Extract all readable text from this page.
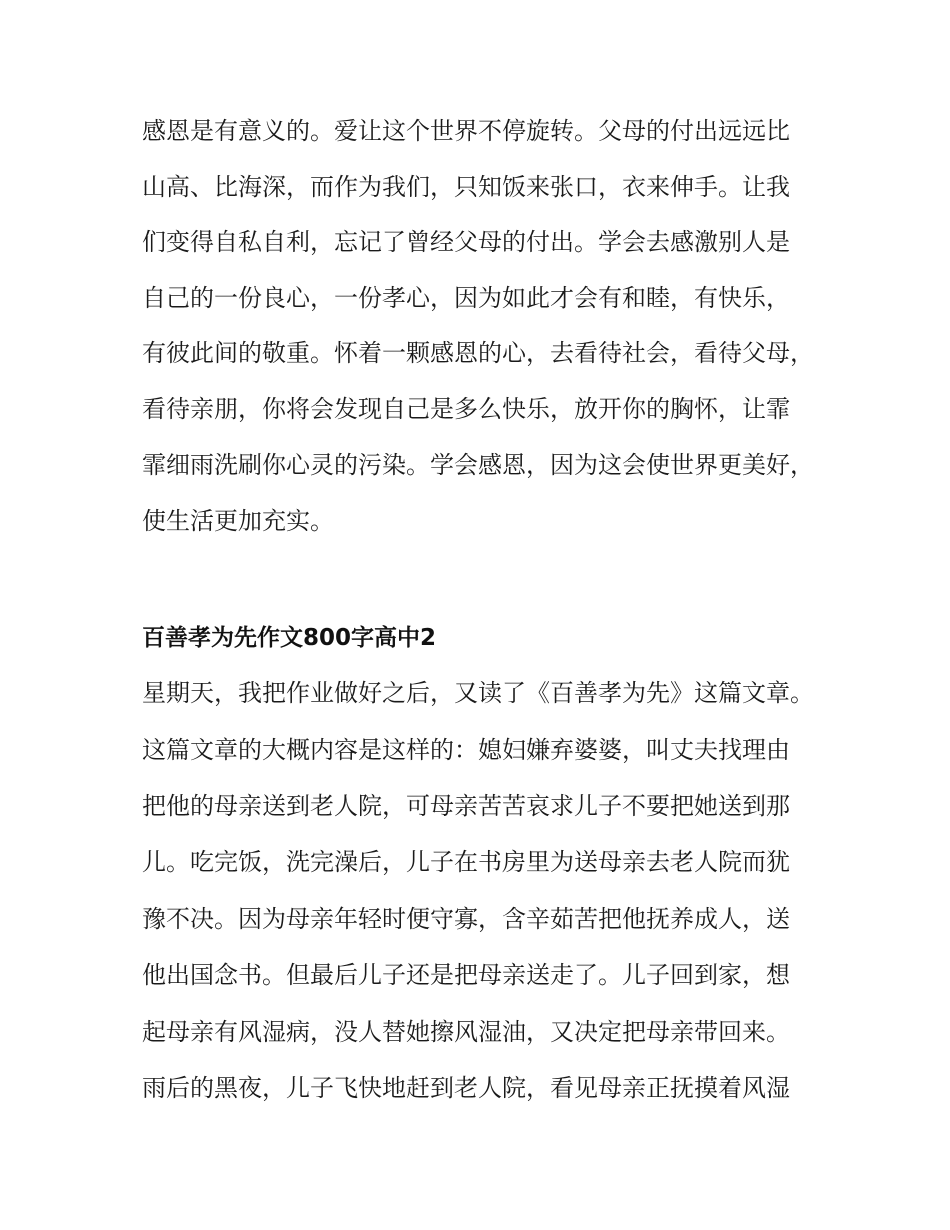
感恩是有意义的。爱让这个世界不停旋转。父母的付出远远比
山高、比海深，而作为我们，只知饭来张口，衣来伸手。让我
们变得自私自利，忘记了曾经父母的付出。学会去感激别人是
自己的一份良心，一份孝心，因为如此才会有和睦，有快乐，
有彼此间的敬重。怀着一颗感恩的心，去看待社会，看待父母，
看待亲朋，你将会发现自己是多么快乐，放开你的胸怀，让霏
霏细雨洗刷你心灵的污染。学会感恩，因为这会使世界更美好，
使生活更加充实。
百善孝为先作文800字高中2
星期天，我把作业做好之后，又读了《百善孝为先》这篇文章。
这篇文章的大概内容是这样的：媳妇嫌弃婆婆，叫丈夫找理由
把他的母亲送到老人院，可母亲苦苦哀求儿子不要把她送到那
儿。吃完饭，洗完澡后，儿子在书房里为送母亲去老人院而犹
豫不决。因为母亲年轻时便守寡，含辛茹苦把他抚养成人，送
他出国念书。但最后儿子还是把母亲送走了。儿子回到家，想
起母亲有风湿病，没人替她擦风湿油，又决定把母亲带回来。
雨后的黑夜，儿子飞快地赶到老人院，看见母亲正抚摸着风湿
